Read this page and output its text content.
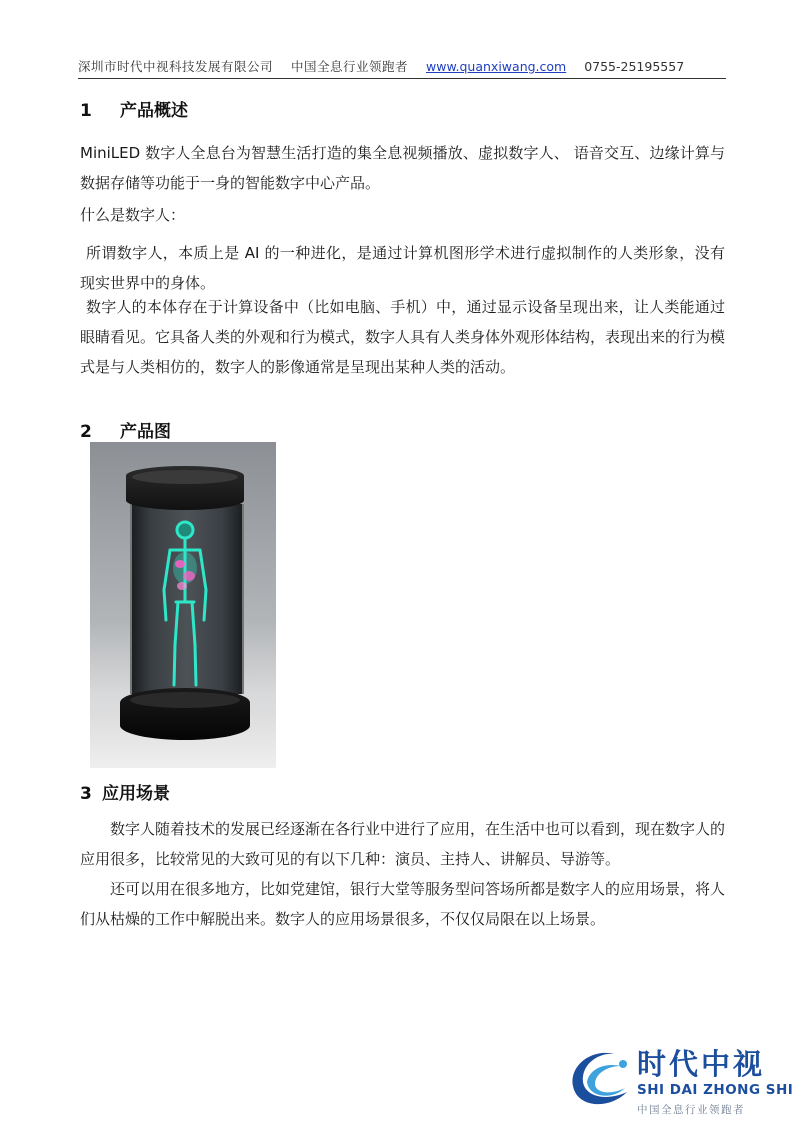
深圳市时代中视科技发展有限公司 中国全息行业领跑者 www.quanxiwang.com 0755-25195557
1 产品概述
MiniLED 数字人全息台为智慧生活打造的集全息视频播放、虚拟数字人、 语音交互、边缘计算与数据存储等功能于一身的智能数字中心产品。
什么是数字人：
所谓数字人，本质上是 AI 的一种进化，是通过计算机图形学术进行虚拟制作的人类形象，没有现实世界中的身体。
数字人的本体存在于计算设备中（比如电脑、手机）中，通过显示设备呈现出来，让人类能通过眼睛看见。它具备人类的外观和行为模式，数字人具有人类身体外观形体结构，表现出来的行为模式是与人类相仿的，数字人的影像通常是呈现出某种人类的活动。
2 产品图
3 应用场景
数字人随着技术的发展已经逐渐在各行业中进行了应用，在生活中也可以看到，现在数字人的应用很多，比较常见的大致可见的有以下几种：演员、主持人、讲解员、导游等。
还可以用在很多地方，比如党建馆，银行大堂等服务型问答场所都是数字人的应用场景，将人们从枯燥的工作中解脱出来。数字人的应用场景很多，不仅仅局限在以上场景。
时代中视
SHI DAI ZHONG SHI
中国全息行业领跑者
